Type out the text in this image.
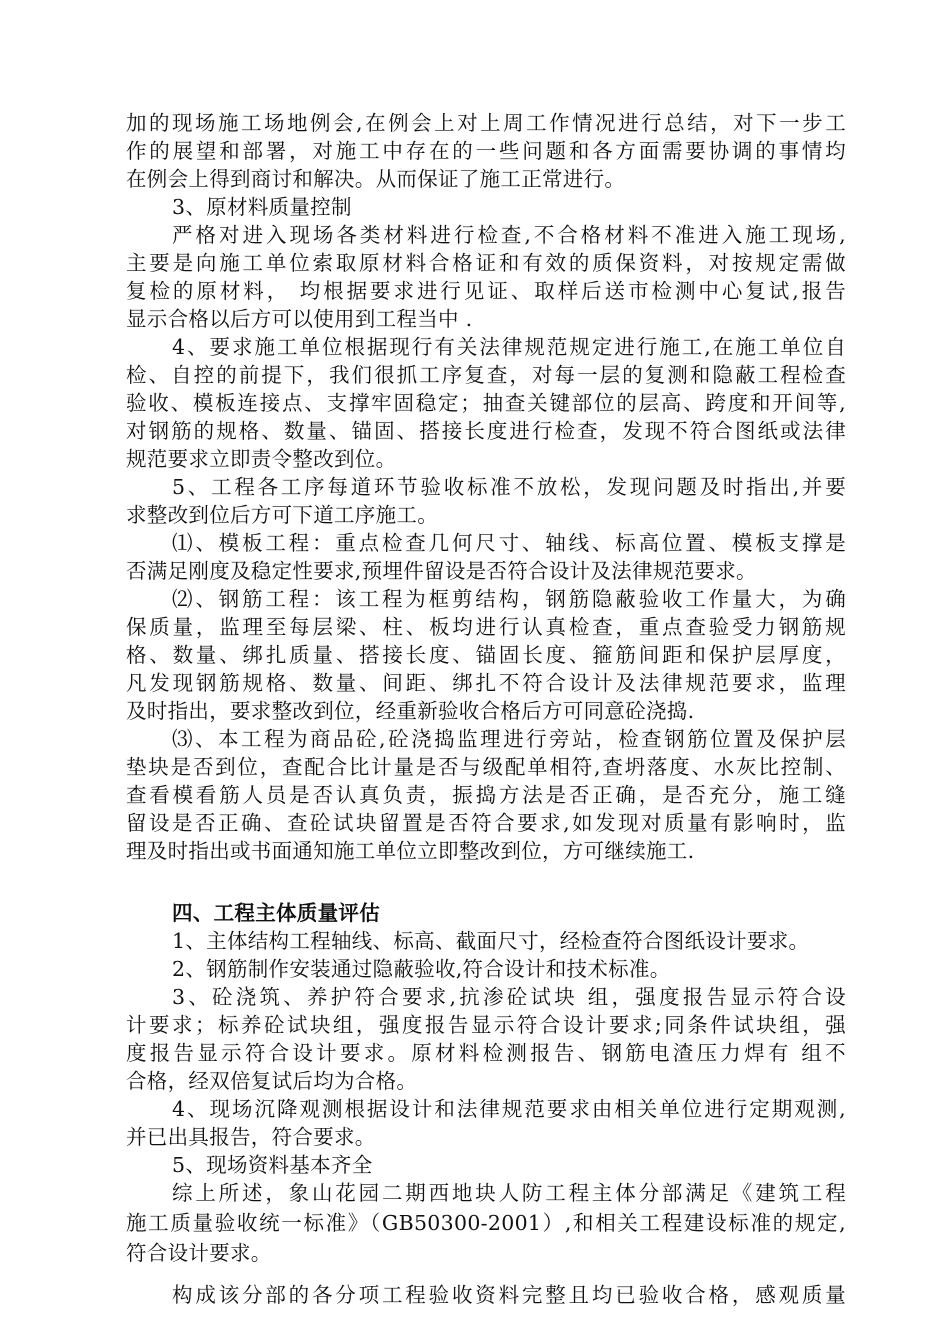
加的现场施工场地例会,在例会上对上周工作情况进行总结，对下一步工
作的展望和部署，对施工中存在的一些问题和各方面需要协调的事情均
在例会上得到商讨和解决。从而保证了施工正常进行。
3、原材料质量控制
严格对进入现场各类材料进行检查,不合格材料不准进入施工现场,
主要是向施工单位索取原材料合格证和有效的质保资料，对按规定需做
复检的原材料， 均根据要求进行见证、取样后送市检测中心复试,报告
显示合格以后方可以使用到工程当中 .
4、要求施工单位根据现行有关法律规范规定进行施工,在施工单位自
检、自控的前提下，我们很抓工序复查，对每一层的复测和隐蔽工程检查
验收、模板连接点、支撑牢固稳定；抽查关键部位的层高、跨度和开间等,
对钢筋的规格、数量、锚固、搭接长度进行检查，发现不符合图纸或法律
规范要求立即责令整改到位。
5、工程各工序每道环节验收标准不放松，发现问题及时指出,并要
求整改到位后方可下道工序施工。
⑴、模板工程：重点检查几何尺寸、轴线、标高位置、模板支撑是
否满足刚度及稳定性要求,预埋件留设是否符合设计及法律规范要求。
⑵、钢筋工程：该工程为框剪结构，钢筋隐蔽验收工作量大，为确
保质量，监理至每层梁、柱、板均进行认真检查，重点查验受力钢筋规
格、数量、绑扎质量、搭接长度、锚固长度、箍筋间距和保护层厚度，
凡发现钢筋规格、数量、间距、绑扎不符合设计及法律规范要求，监理
及时指出，要求整改到位，经重新验收合格后方可同意砼浇捣.
⑶、本工程为商品砼,砼浇捣监理进行旁站，检查钢筋位置及保护层
垫块是否到位，查配合比计量是否与级配单相符,查坍落度、水灰比控制、
查看模看筋人员是否认真负责，振捣方法是否正确，是否充分，施工缝
留设是否正确、查砼试块留置是否符合要求,如发现对质量有影响时，监
理及时指出或书面通知施工单位立即整改到位，方可继续施工.
四、工程主体质量评估
1、主体结构工程轴线、标高、截面尺寸，经检查符合图纸设计要求。
2、钢筋制作安装通过隐蔽验收,符合设计和技术标准。
3、砼浇筑、养护符合要求,抗渗砼试块 组，强度报告显示符合设
计要求；标养砼试块组，强度报告显示符合设计要求;同条件试块组，强
度报告显示符合设计要求。原材料检测报告、钢筋电渣压力焊有 组不
合格，经双倍复试后均为合格。
4、现场沉降观测根据设计和法律规范要求由相关单位进行定期观测,
并已出具报告，符合要求。
5、现场资料基本齐全
综上所述，象山花园二期西地块人防工程主体分部满足《建筑工程
施工质量验收统一标准》（GB50300-2001）,和相关工程建设标准的规定,
符合设计要求。
构成该分部的各分项工程验收资料完整且均已验收合格，感观质量
